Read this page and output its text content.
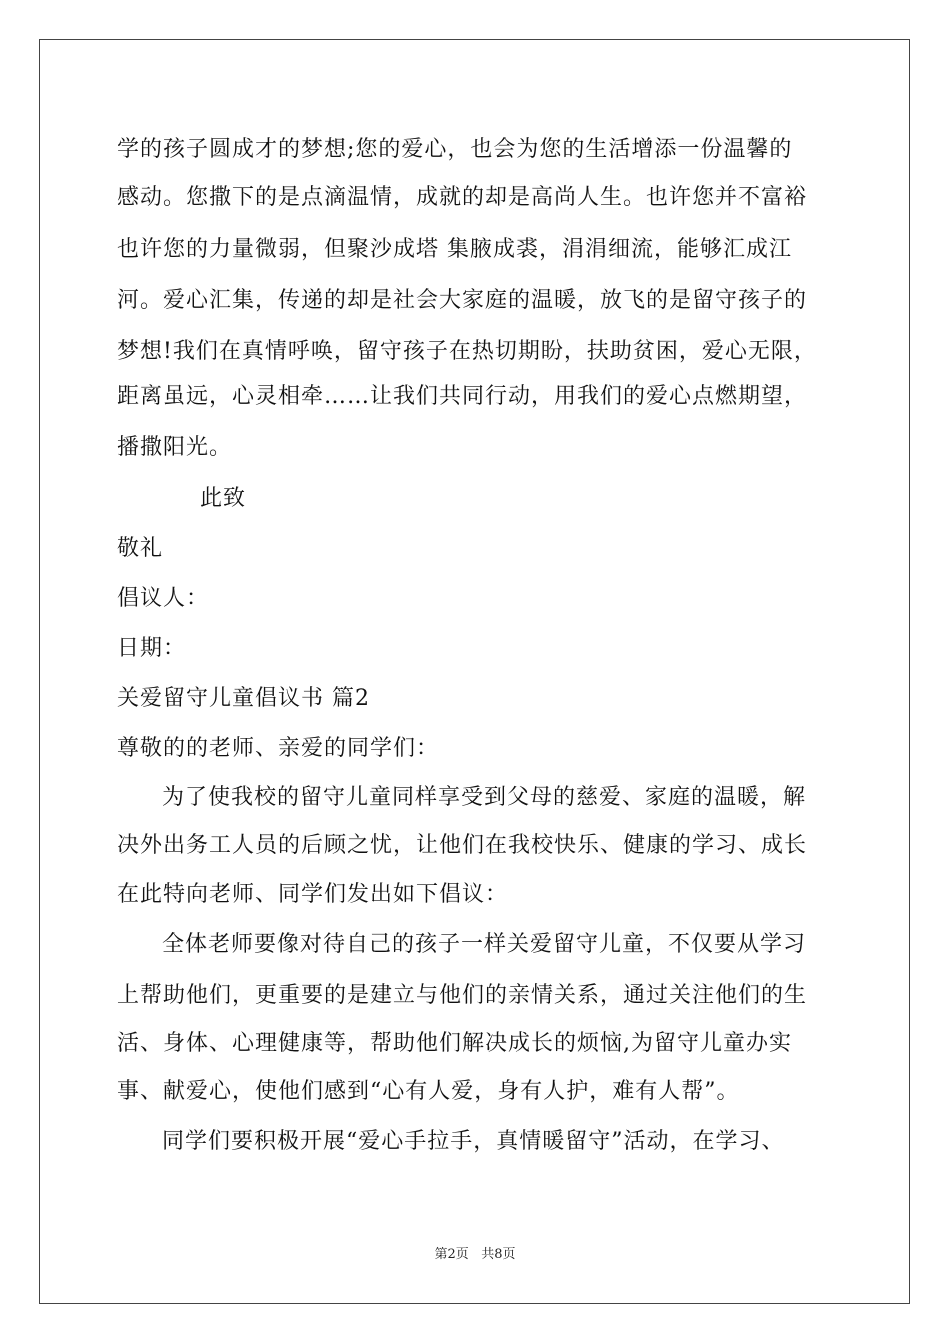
学的孩子圆成才的梦想;您的爱心，也会为您的生活增添一份温馨的
感动。您撒下的是点滴温情，成就的却是高尚人生。也许您并不富裕
也许您的力量微弱，但聚沙成塔 集腋成裘，涓涓细流，能够汇成江
河。爱心汇集，传递的却是社会大家庭的温暖，放飞的是留守孩子的
梦想!我们在真情呼唤，留守孩子在热切期盼，扶助贫困，爱心无限，
距离虽远，心灵相牵……让我们共同行动，用我们的爱心点燃期望，
播撒阳光。
此致
敬礼
倡议人：
日期：
关爱留守儿童倡议书 篇2
尊敬的的老师、亲爱的同学们：
为了使我校的留守儿童同样享受到父母的慈爱、家庭的温暖，解
决外出务工人员的后顾之忧，让他们在我校快乐、健康的学习、成长
在此特向老师、同学们发出如下倡议：
全体老师要像对待自己的孩子一样关爱留守儿童，不仅要从学习
上帮助他们，更重要的是建立与他们的亲情关系，通过关注他们的生
活、身体、心理健康等，帮助他们解决成长的烦恼,为留守儿童办实
事、献爱心，使他们感到“心有人爱，身有人护，难有人帮”。
同学们要积极开展“爱心手拉手，真情暖留守”活动，在学习、
第2页 共8页
